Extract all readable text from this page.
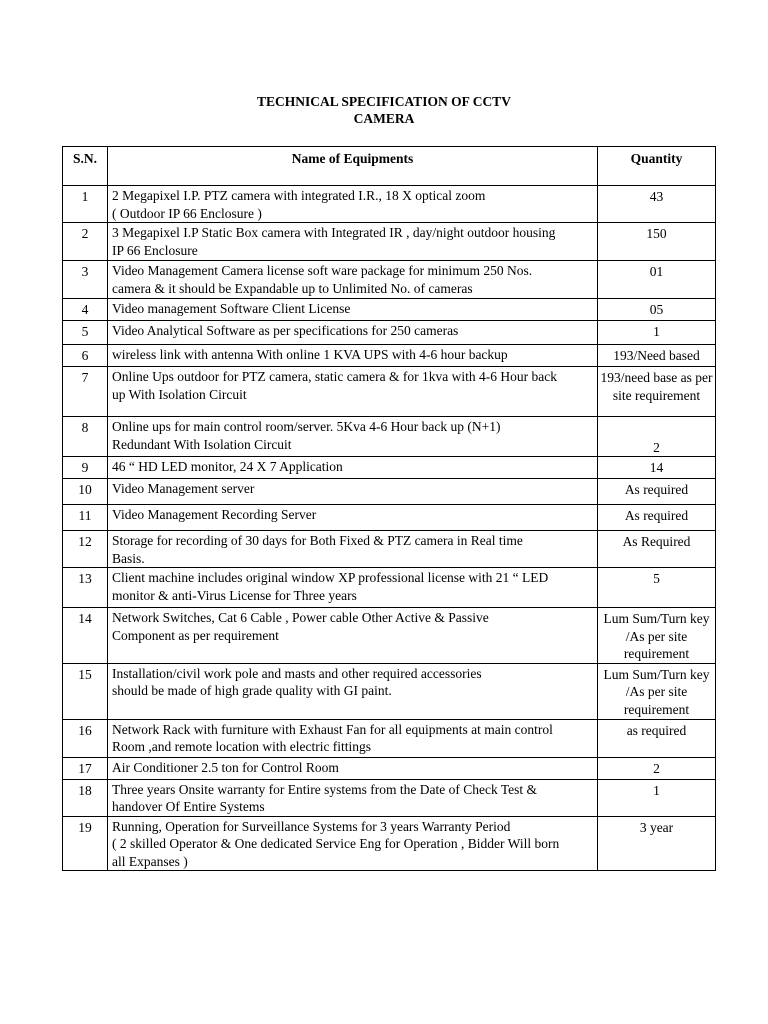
TECHNICAL SPECIFICATION OF CCTV
CAMERA
S.N.	Name of Equipments	Quantity
1	2 Megapixel I.P. PTZ camera with integrated I.R., 18 X optical zoom
( Outdoor IP 66 Enclosure )	43
2	3 Megapixel I.P Static Box camera with Integrated IR , day/night outdoor housing
IP 66 Enclosure	150
3	Video Management Camera license soft ware package for minimum 250 Nos.
camera & it should be Expandable up to Unlimited No. of cameras	01
4	Video management Software Client License	05
5	Video Analytical Software as per specifications for 250 cameras	1
6	wireless link with antenna With online 1 KVA UPS with 4-6 hour backup	193/Need based
7	Online Ups outdoor for PTZ camera, static camera & for 1kva with 4-6 Hour back
up With Isolation Circuit	193/need base as per site requirement
8	Online ups for main control room/server. 5Kva 4-6 Hour back up (N+1)
Redundant With Isolation Circuit	2
9	46 “ HD LED monitor, 24 X 7 Application	14
10	Video Management server	As required
11	Video Management Recording Server	As required
12	Storage for recording of 30 days for Both Fixed & PTZ camera in Real time
Basis.	As Required
13	Client machine includes original window XP professional license with 21 “ LED
monitor & anti-Virus License for Three years	5
14	Network Switches, Cat 6 Cable , Power cable Other Active & Passive
Component as per requirement	Lum Sum/Turn key /As per site requirement
15	Installation/civil work pole and masts and other required accessories
should be made of high grade quality with GI paint.	Lum Sum/Turn key /As per site requirement
16	Network Rack with furniture with Exhaust Fan for all equipments at main control
Room ,and remote location with electric fittings	as required
17	Air Conditioner 2.5 ton for Control Room	2
18	Three years Onsite warranty for Entire systems from the Date of Check Test &
handover Of Entire Systems	1
19	Running, Operation for Surveillance Systems for 3 years Warranty Period
( 2 skilled Operator & One dedicated Service Eng for Operation , Bidder Will born
all Expanses )	3 year
